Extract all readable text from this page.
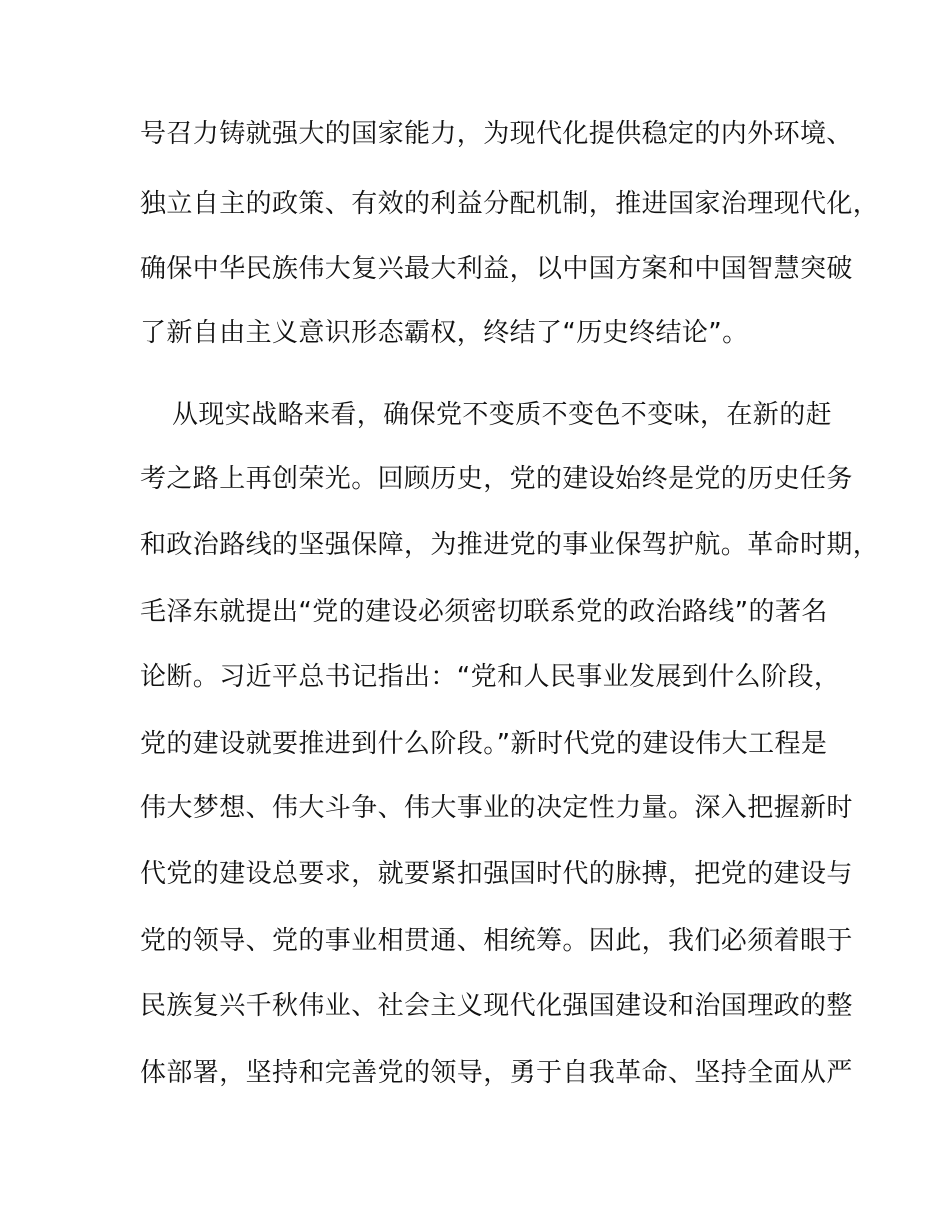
号召力铸就强大的国家能力，为现代化提供稳定的内外环境、

独立自主的政策、有效的利益分配机制，推进国家治理现代化，

确保中华民族伟大复兴最大利益，以中国方案和中国智慧突破

了新自由主义意识形态霸权，终结了“历史终结论”。

从现实战略来看，确保党不变质不变色不变味，在新的赶

考之路上再创荣光。回顾历史，党的建设始终是党的历史任务

和政治路线的坚强保障，为推进党的事业保驾护航。革命时期，

毛泽东就提出“党的建设必须密切联系党的政治路线”的著名

论断。习近平总书记指出：“党和人民事业发展到什么阶段，

党的建设就要推进到什么阶段。”新时代党的建设伟大工程是

伟大梦想、伟大斗争、伟大事业的决定性力量。深入把握新时

代党的建设总要求，就要紧扣强国时代的脉搏，把党的建设与

党的领导、党的事业相贯通、相统筹。因此，我们必须着眼于

民族复兴千秋伟业、社会主义现代化强国建设和治国理政的整

体部署，坚持和完善党的领导，勇于自我革命、坚持全面从严
